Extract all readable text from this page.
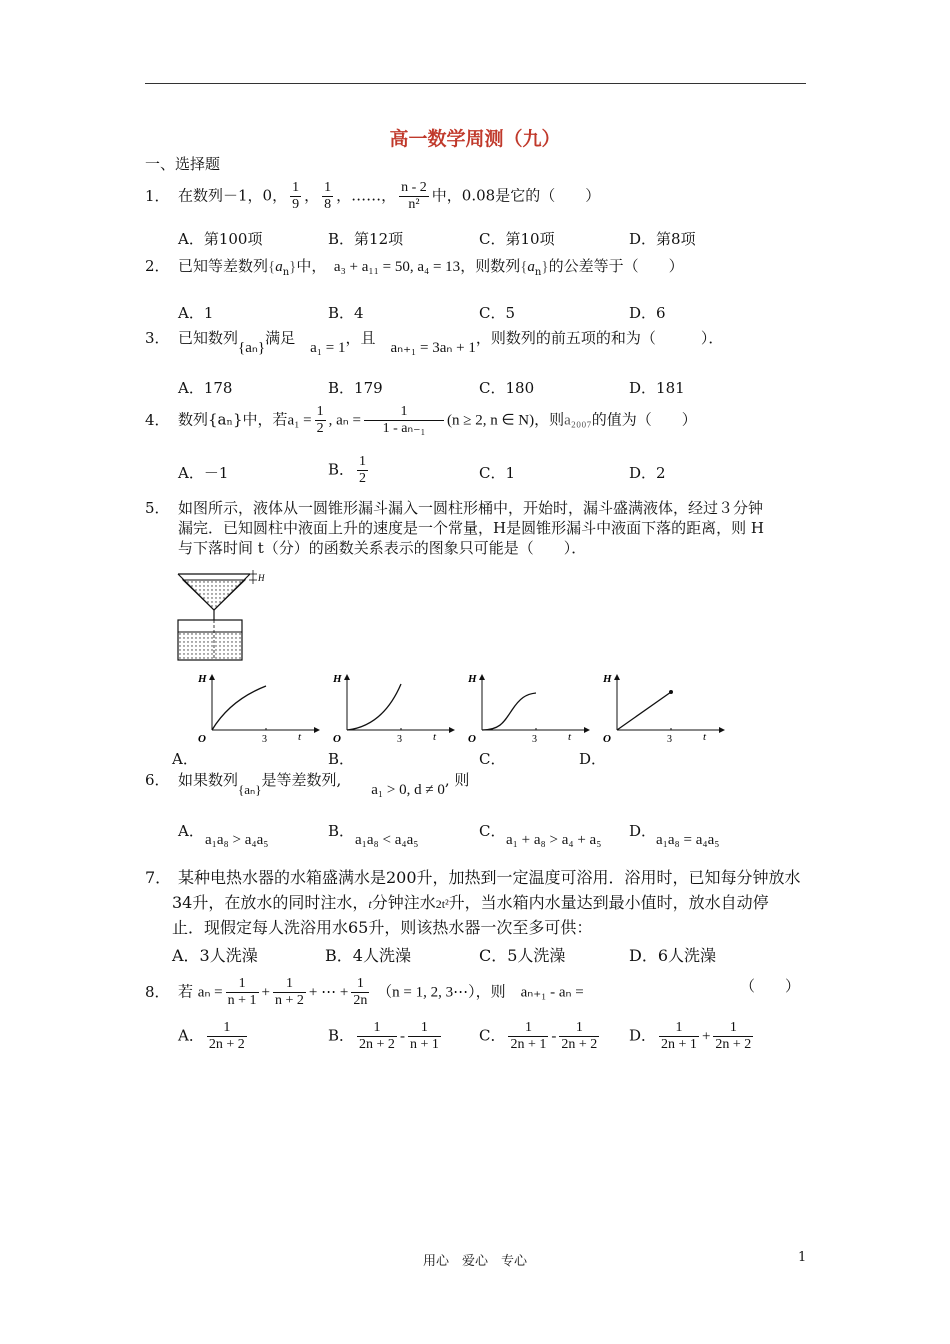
高一数学周测（九）
一、选择题
1． 在数列－1，0， $\frac{1}{9}$ ， $\frac{1}{8}$ ，……， $\frac{n - 2}{\text{n²}}$ 中，0.08是它的（　　）
A．第100项	B．第12项	C．第10项	D．第8项
2． 已知等差数列$\{a_n\}$中，　 a₃ + a₁₁ = 50, a₄ = 13，则数列$\{a_n\}$的公差等于（　　）
A．1	B．4	C．5	D．6
3． 已知数列{aₙ}满足　a₁ = 1，且　aₙ₊₁ = 3aₙ + 1，则数列的前五项的和为（　　　）．
A．178	B．179	C．180	D．181
4． 数列{aₙ}中，若$a_1 = \frac{1}{2}$ , $a_n = \frac{1}{\text{1 - aₙ₋₁}} (n \ge 2$, n ∈ N)，则a₂₀₀₇的值为（　　）
A．－1	B． $\frac{1}{2}$	C．1	D．2
5． 如图所示，液体从一圆锥形漏斗漏入一圆柱形桶中，开始时，漏斗盛满液体，经过３分钟
漏完．已知圆柱中液面上升的速度是一个常量，H是圆锥形漏斗中液面下落的距离，则 H
与下落时间 t（分）的函数关系表示的图象只可能是（　　）．
H
H
O	3	t
H
O	3	t
H
O	3	t
H
O	3	t
A．	B．	C．	D．
6． 如果数列{aₙ}是等差数列,　　a₁ > 0, d ≠ 0, 则
A． a₁a₈ > a₄a₅	B． a₁a₈ < a₄a₅	C． a₁ + a₈ > a₄ + a₅ D． a₁a₈ = a₄a₅
7． 某种电热水器的水箱盛满水是200升，加热到一定温度可浴用．浴用时，已知每分钟放水
34升，在放水的同时注水，t分钟注水2t²升，当水箱内水量达到最小值时，放水自动停
止．现假定每人洗浴用水65升，则该热水器一次至多可供：
A．3人洗澡	B．4人洗澡	C．5人洗澡	D．6人洗澡
8． 若 $a_n = \frac{1}{n + 1} + \frac{1}{n + 2}$ + ⋯ + $\frac{1}{2n} (n = 1$, 2, 3⋯），则　 aₙ₊₁ - aₙ =	（　　）
A． $\frac{1}{2n + 2}$	B． $\frac{1}{2n + 2} - \frac{1}{n + 1}$	C． $\frac{1}{2n + 1} - \frac{1}{2n + 2}$ D． $\frac{1}{2n + 1} + \frac{1}{2n + 2}$
用心　爱心　专心	1
